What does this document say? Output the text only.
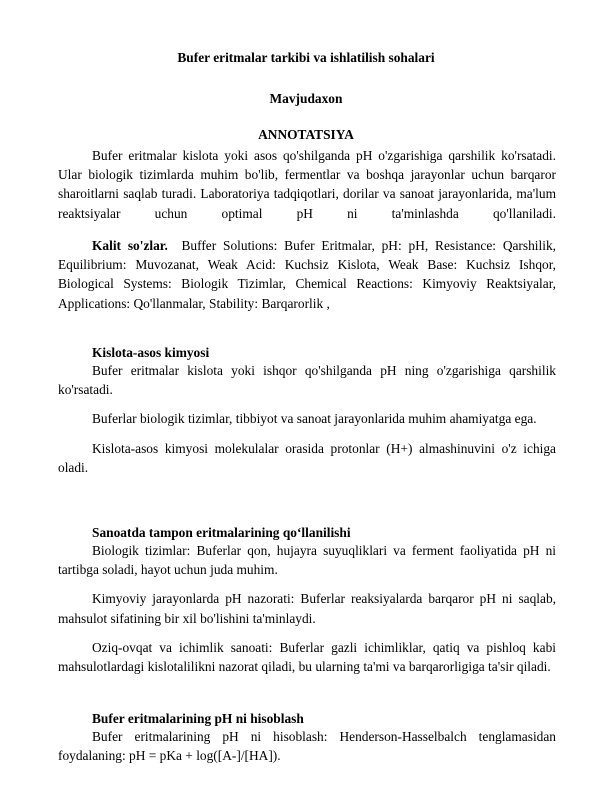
Bufer eritmalar tarkibi va ishlatilish sohalari
Mavjudaxon
ANNOTATSIYA

Bufer eritmalar kislota yoki asos qo'shilganda pH o'zgarishiga qarshilik ko'rsatadi. Ular biologik tizimlarda muhim bo'lib, fermentlar va boshqa jarayonlar uchun barqaror sharoitlarni saqlab turadi. Laboratoriya tadqiqotlari, dorilar va sanoat jarayonlarida, ma'lum reaktsiyalar uchun optimal pH ni ta'minlashda qo'llaniladi.

Kalit so'zlar. Buffer Solutions: Bufer Eritmalar, pH: pH, Resistance: Qarshilik, Equilibrium: Muvozanat, Weak Acid: Kuchsiz Kislota, Weak Base: Kuchsiz Ishqor, Biological Systems: Biologik Tizimlar, Chemical Reactions: Kimyoviy Reaktsiyalar, Applications: Qo'llanmalar, Stability: Barqarorlik ,

Kislota-asos kimyosi

Bufer eritmalar kislota yoki ishqor qo'shilganda pH ning o'zgarishiga qarshilik ko'rsatadi.

Buferlar biologik tizimlar, tibbiyot va sanoat jarayonlarida muhim ahamiyatga ega.

Kislota-asos kimyosi molekulalar orasida protonlar (H+) almashinuvini o'z ichiga oladi.

Sanoatda tampon eritmalarining qo‘llanilishi

Biologik tizimlar: Buferlar qon, hujayra suyuqliklari va ferment faoliyatida pH ni tartibga soladi, hayot uchun juda muhim.

Kimyoviy jarayonlarda pH nazorati: Buferlar reaksiyalarda barqaror pH ni saqlab, mahsulot sifatining bir xil bo'lishini ta'minlaydi.

Oziq-ovqat va ichimlik sanoati: Buferlar gazli ichimliklar, qatiq va pishloq kabi mahsulotlardagi kislotalilikni nazorat qiladi, bu ularning ta'mi va barqarorligiga ta'sir qiladi.

Bufer eritmalarining pH ni hisoblash

Bufer eritmalarining pH ni hisoblash: Henderson-Hasselbalch tenglamasidan foydalaning: pH = pKa + log([A-]/[HA]).
